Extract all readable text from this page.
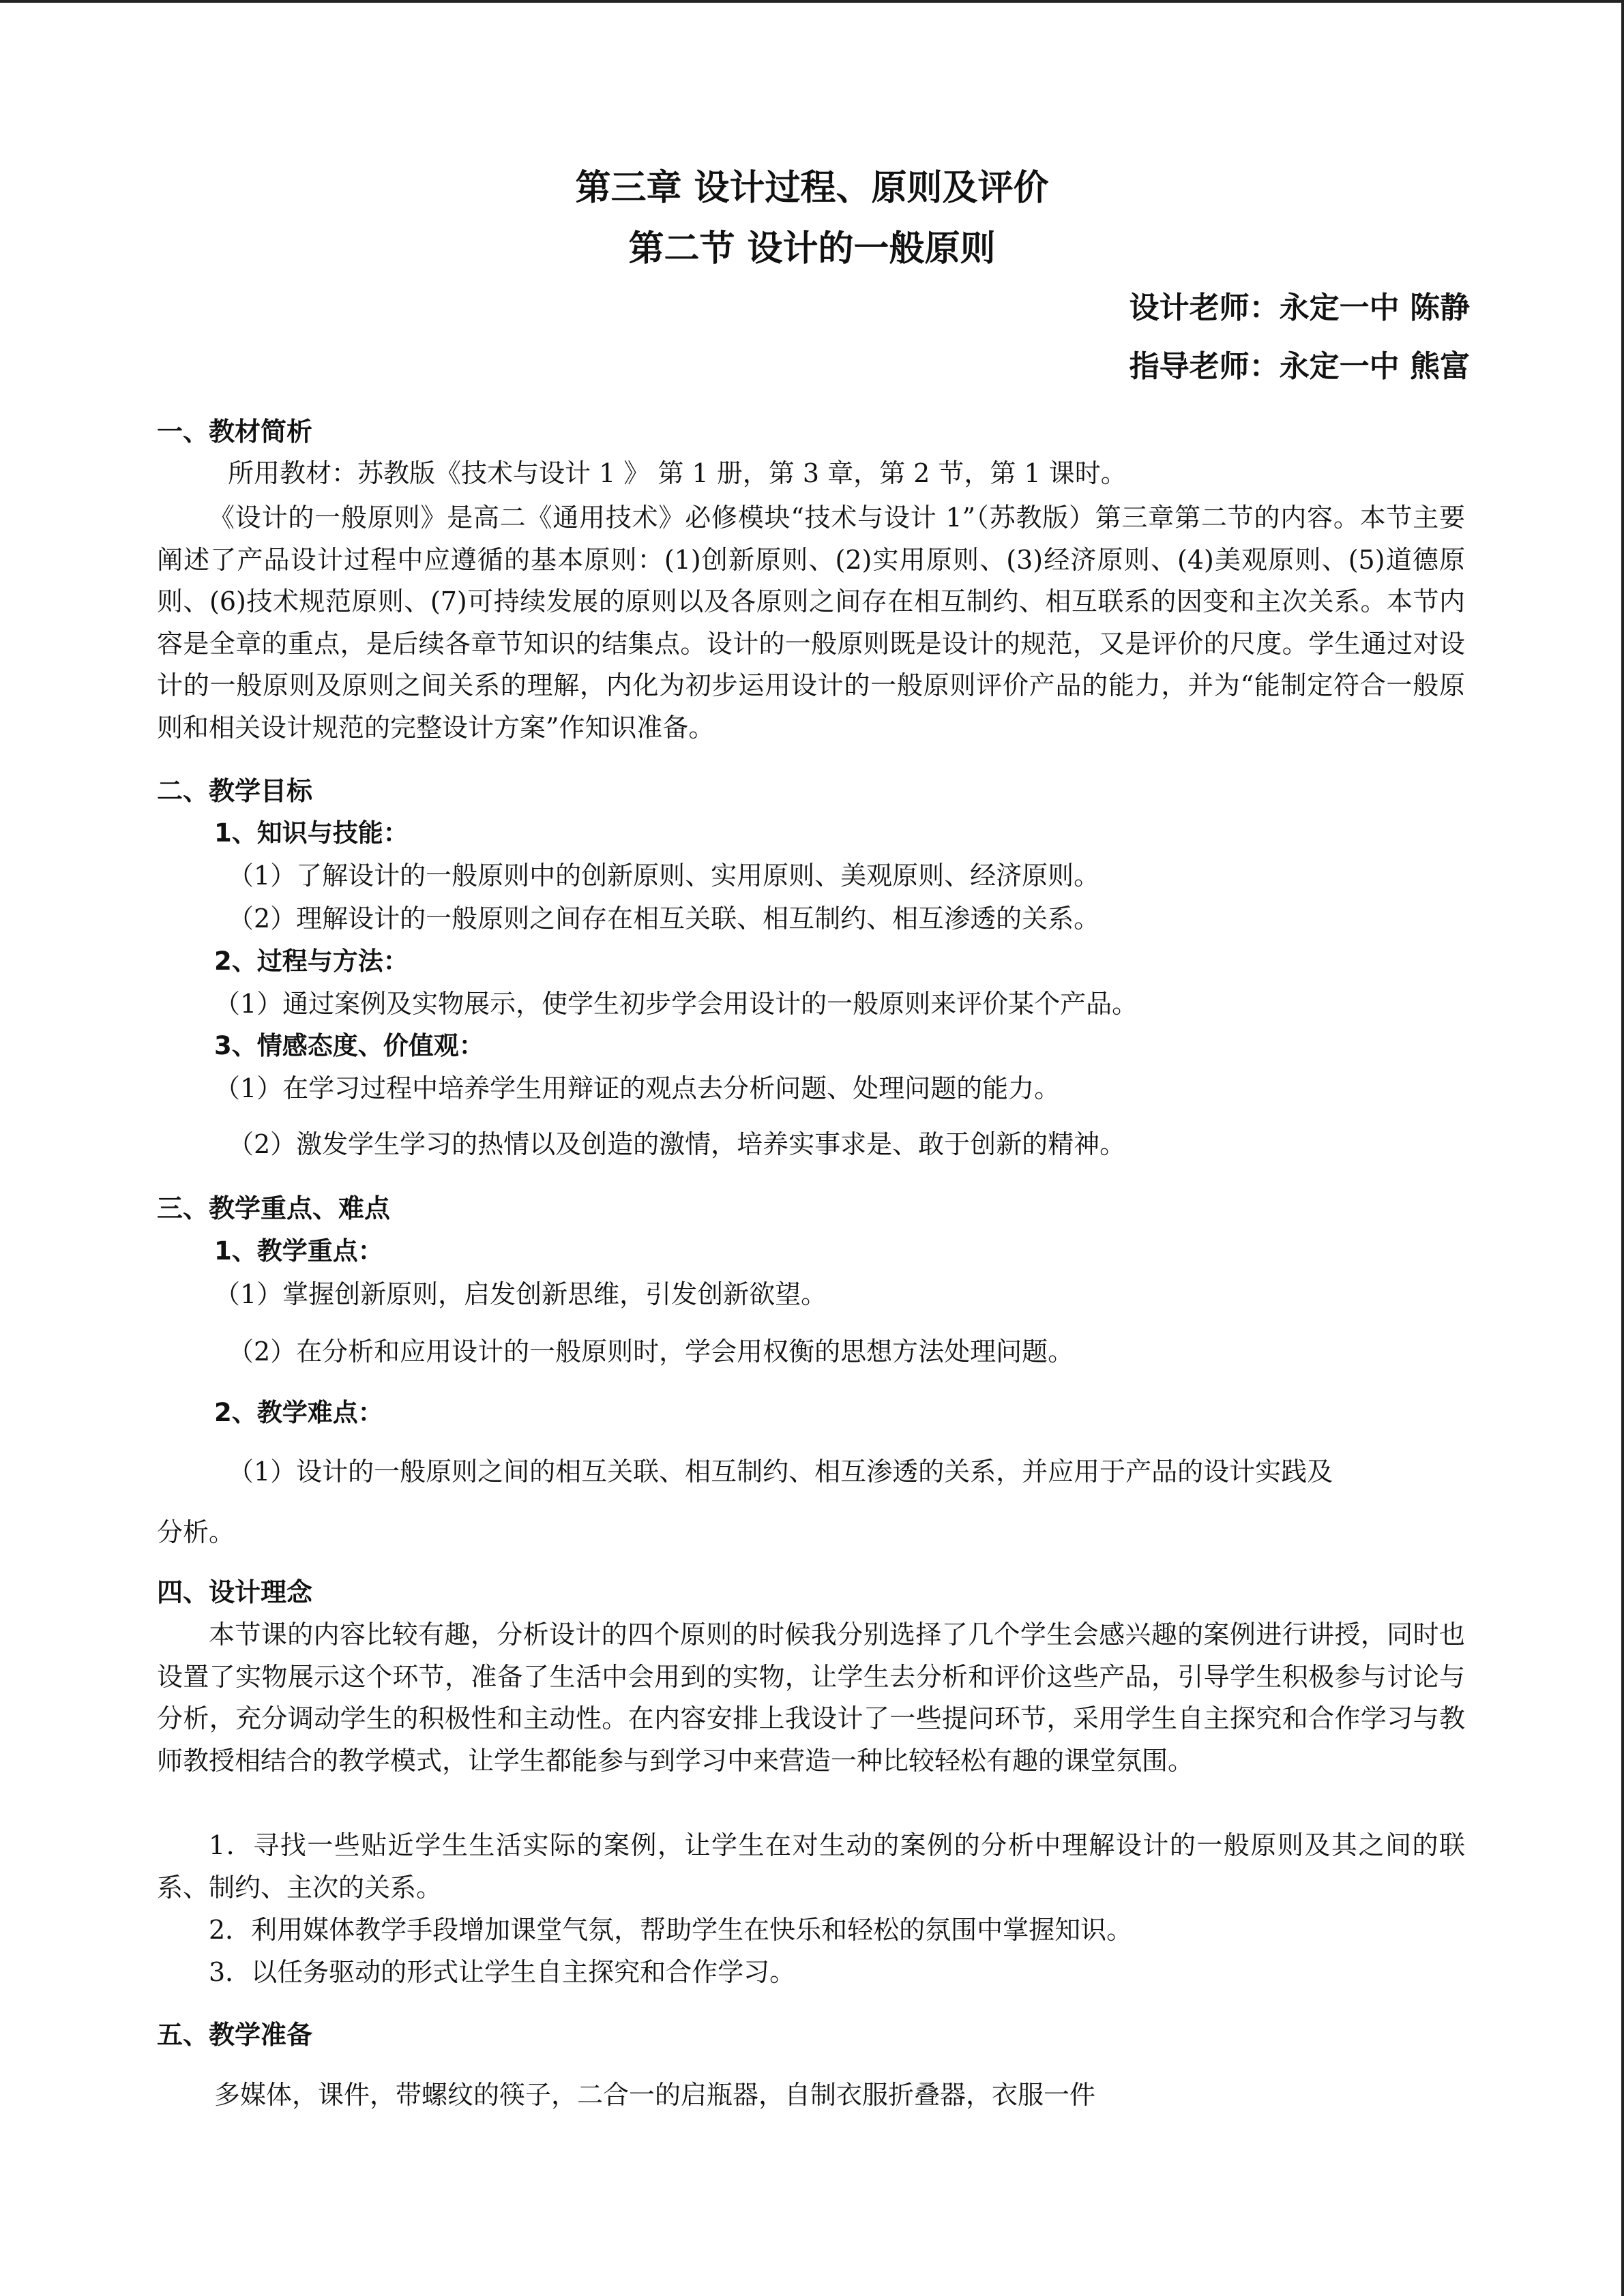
第三章 设计过程、原则及评价
第二节 设计的一般原则
设计老师：永定一中 陈静
指导老师：永定一中 熊富
一、教材简析
所用教材：苏教版《技术与设计 1 》 第 1 册，第 3 章，第 2 节，第 1 课时。

《设计的一般原则》是高二《通用技术》必修模块“技术与设计 1”（苏教版）第三章第二节的内容。本节主要阐述了产品设计过程中应遵循的基本原则：(1)创新原则、(2)实用原则、(3)经济原则、(4)美观原则、(5)道德原则、(6)技术规范原则、(7)可持续发展的原则以及各原则之间存在相互制约、相互联系的因变和主次关系。本节内容是全章的重点，是后续各章节知识的结集点。设计的一般原则既是设计的规范，又是评价的尺度。学生通过对设计的一般原则及原则之间关系的理解，内化为初步运用设计的一般原则评价产品的能力，并为“能制定符合一般原则和相关设计规范的完整设计方案”作知识准备。

二、教学目标
1、知识与技能：
（1）了解设计的一般原则中的创新原则、实用原则、美观原则、经济原则。
（2）理解设计的一般原则之间存在相互关联、相互制约、相互渗透的关系。
2、过程与方法：
（1）通过案例及实物展示，使学生初步学会用设计的一般原则来评价某个产品。
3、情感态度、价值观：
（1）在学习过程中培养学生用辩证的观点去分析问题、处理问题的能力。
（2）激发学生学习的热情以及创造的激情，培养实事求是、敢于创新的精神。
三、教学重点、难点
1、教学重点：
（1）掌握创新原则，启发创新思维，引发创新欲望。
（2）在分析和应用设计的一般原则时，学会用权衡的思想方法处理问题。
2、教学难点：
（1）设计的一般原则之间的相互关联、相互制约、相互渗透的关系，并应用于产品的设计实践及
分析。
四、设计理念

本节课的内容比较有趣，分析设计的四个原则的时候我分别选择了几个学生会感兴趣的案例进行讲授，同时也设置了实物展示这个环节，准备了生活中会用到的实物，让学生去分析和评价这些产品，引导学生积极参与讨论与分析，充分调动学生的积极性和主动性。在内容安排上我设计了一些提问环节，采用学生自主探究和合作学习与教师教授相结合的教学模式，让学生都能参与到学习中来营造一种比较轻松有趣的课堂氛围。

1．寻找一些贴近学生生活实际的案例，让学生在对生动的案例的分析中理解设计的一般原则及其之间的联系、制约、主次的关系。

2．利用媒体教学手段增加课堂气氛，帮助学生在快乐和轻松的氛围中掌握知识。

3．以任务驱动的形式让学生自主探究和合作学习。

五、教学准备
多媒体，课件，带螺纹的筷子，二合一的启瓶器，自制衣服折叠器，衣服一件
